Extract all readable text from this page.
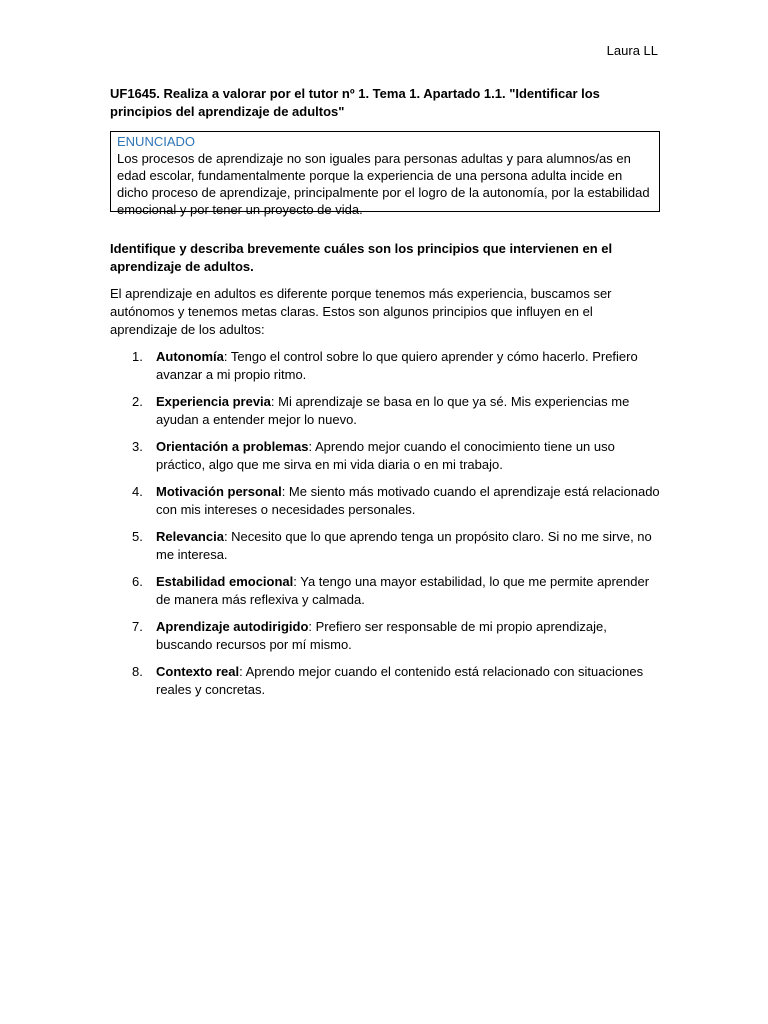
Laura LL

UF1645. Realiza a valorar por el tutor nº 1. Tema 1. Apartado 1.1. "Identificar los principios del aprendizaje de adultos"

ENUNCIADO
Los procesos de aprendizaje no son iguales para personas adultas y para alumnos/as en edad escolar, fundamentalmente porque la experiencia de una persona adulta incide en dicho proceso de aprendizaje, principalmente por el logro de la autonomía, por la estabilidad emocional y por tener un proyecto de vida.

Identifique y describa brevemente cuáles son los principios que intervienen en el aprendizaje de adultos.

El aprendizaje en adultos es diferente porque tenemos más experiencia, buscamos ser autónomos y tenemos metas claras. Estos son algunos principios que influyen en el aprendizaje de los adultos:

1. Autonomía: Tengo el control sobre lo que quiero aprender y cómo hacerlo. Prefiero avanzar a mi propio ritmo.
2. Experiencia previa: Mi aprendizaje se basa en lo que ya sé. Mis experiencias me ayudan a entender mejor lo nuevo.
3. Orientación a problemas: Aprendo mejor cuando el conocimiento tiene un uso práctico, algo que me sirva en mi vida diaria o en mi trabajo.
4. Motivación personal: Me siento más motivado cuando el aprendizaje está relacionado con mis intereses o necesidades personales.
5. Relevancia: Necesito que lo que aprendo tenga un propósito claro. Si no me sirve, no me interesa.
6. Estabilidad emocional: Ya tengo una mayor estabilidad, lo que me permite aprender de manera más reflexiva y calmada.
7. Aprendizaje autodirigido: Prefiero ser responsable de mi propio aprendizaje, buscando recursos por mí mismo.
8. Contexto real: Aprendo mejor cuando el contenido está relacionado con situaciones reales y concretas.
